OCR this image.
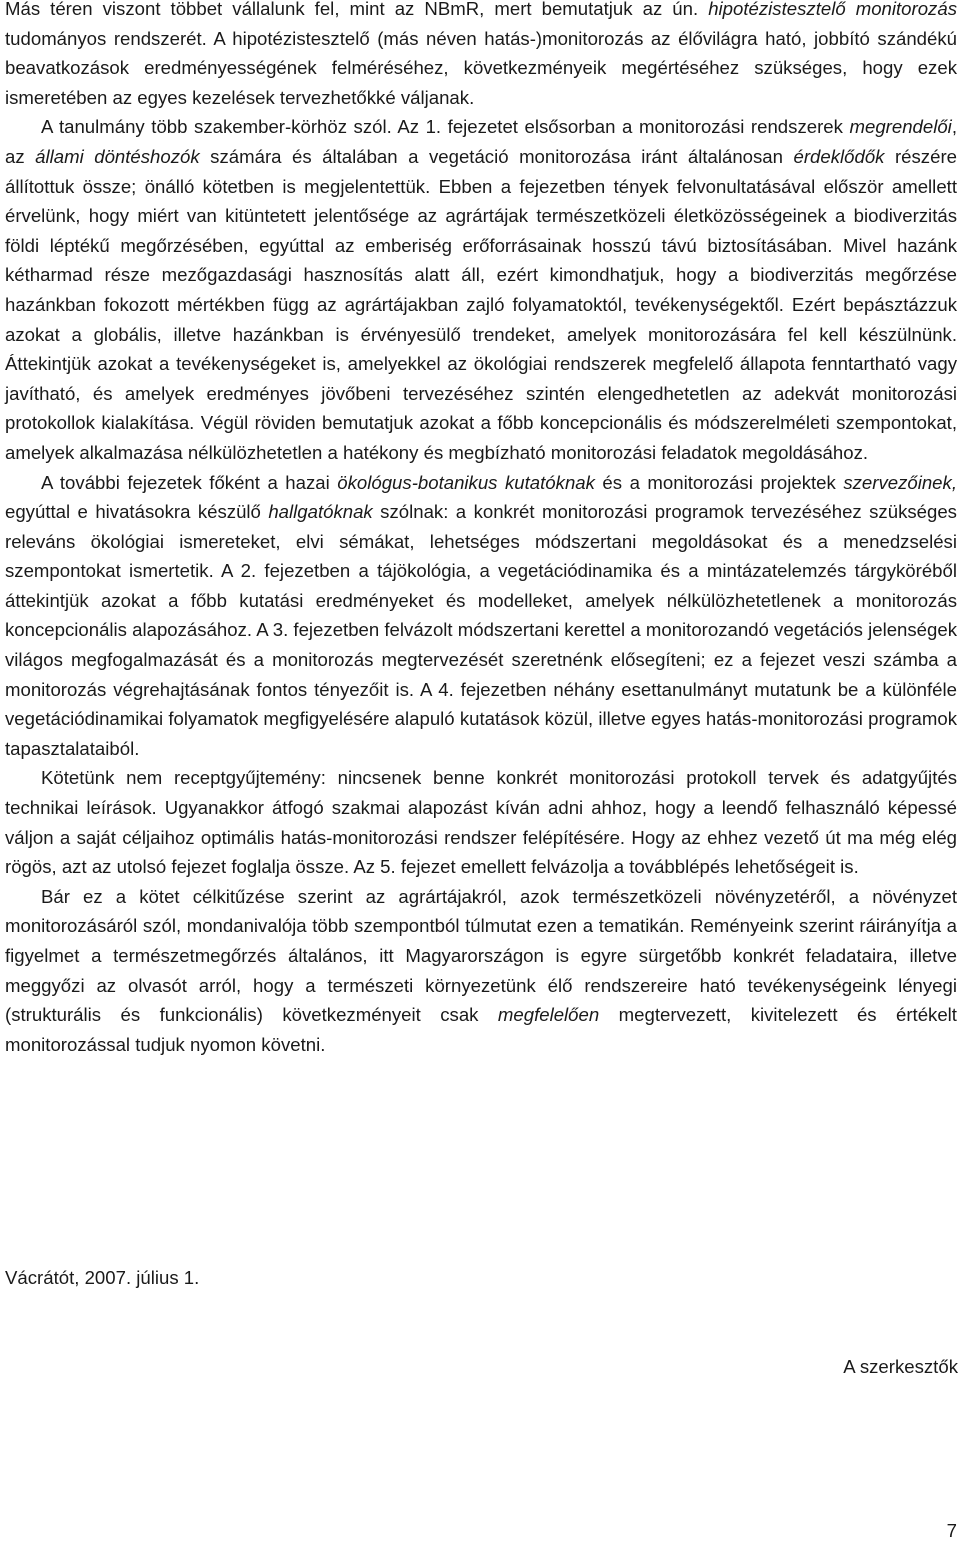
Más téren viszont többet vállalunk fel, mint az NBmR, mert bemutatjuk az ún. hipotézistesztelő monitorozás tudományos rendszerét. A hipotézistesztelő (más néven hatás-)monitorozás az élővilágra ható, jobbító szándékú beavatkozások eredményességének felméréséhez, következményeik megértéséhez szükséges, hogy ezek ismeretében az egyes kezelések tervezhetőkké váljanak.

A tanulmány több szakember-körhöz szól. Az 1. fejezetet elsősorban a monitorozási rendszerek megrendelői, az állami döntéshozók számára és általában a vegetáció monitorozása iránt általánosan érdeklődők részére állítottuk össze; önálló kötetben is megjelentettük. Ebben a fejezetben tények felvonultatásával először amellett érvelünk, hogy miért van kitüntetett jelentősége az agrártájak természetközeli életközösségeinek a biodiverzitás földi léptékű megőrzésében, egyúttal az emberiség erőforrásainak hosszú távú biztosításában. Mivel hazánk kétharmad része mezőgazdasági hasznosítás alatt áll, ezért kimondhatjuk, hogy a biodiverzitás megőrzése hazánkban fokozott mértékben függ az agrártájakban zajló folyamatoktól, tevékenységektől. Ezért bepásztázzuk azokat a globális, illetve hazánkban is érvényesülő trendeket, amelyek monitorozására fel kell készülnünk. Áttekintjük azokat a tevékenységeket is, amelyekkel az ökológiai rendszerek megfelelő állapota fenntartható vagy javítható, és amelyek eredményes jövőbeni tervezéséhez szintén elengedhetetlen az adekvát monitorozási protokollok kialakítása. Végül röviden bemutatjuk azokat a főbb koncepcionális és módszerelméleti szempontokat, amelyek alkalmazása nélkülözhetetlen a hatékony és megbízható monitorozási feladatok megoldásához.

A további fejezetek főként a hazai ökológus-botanikus kutatóknak és a monitorozási projektek szervezőinek, egyúttal e hivatásokra készülő hallgatóknak szólnak: a konkrét monitorozási programok tervezéséhez szükséges releváns ökológiai ismereteket, elvi sémákat, lehetséges módszertani megoldásokat és a menedzselési szempontokat ismertetik. A 2. fejezetben a tájökológia, a vegetációdinamika és a mintázatelemzés tárgyköréből áttekintjük azokat a főbb kutatási eredményeket és modelleket, amelyek nélkülözhetetlenek a monitorozás koncepcionális alapozásához. A 3. fejezetben felvázolt módszertani kerettel a monitorozandó vegetációs jelenségek világos megfogalmazását és a monitorozás megtervezését szeretnénk elősegíteni; ez a fejezet veszi számba a monitorozás végrehajtásának fontos tényezőit is. A 4. fejezetben néhány esettanulmányt mutatunk be a különféle vegetációdinamikai folyamatok megfigyelésére alapuló kutatások közül, illetve egyes hatás-monitorozási programok tapasztalataiból.

Kötetünk nem receptgyűjtemény: nincsenek benne konkrét monitorozási protokoll tervek és adatgyűjtés technikai leírások. Ugyanakkor átfogó szakmai alapozást kíván adni ahhoz, hogy a leendő felhasználó képessé váljon a saját céljaihoz optimális hatás-monitorozási rendszer felépítésére. Hogy az ehhez vezető út ma még elég rögös, azt az utolsó fejezet foglalja össze. Az 5. fejezet emellett felvázolja a továbblépés lehetőségeit is.

Bár ez a kötet célkitűzése szerint az agrártájakról, azok természetközeli növényzetéről, a növényzet monitorozásáról szól, mondanivalója több szempontból túlmutat ezen a tematikán. Reményeink szerint ráirányítja a figyelmet a természetmegőrzés általános, itt Magyarországon is egyre sürgetőbb konkrét feladataira, illetve meggyőzi az olvasót arról, hogy a természeti környezetünk élő rendszereire ható tevékenységeink lényegi (strukturális és funkcionális) következményeit csak megfelelően megtervezett, kivitelezett és értékelt monitorozással tudjuk nyomon követni.

Vácrátót, 2007. július 1.

A szerkesztők

7
